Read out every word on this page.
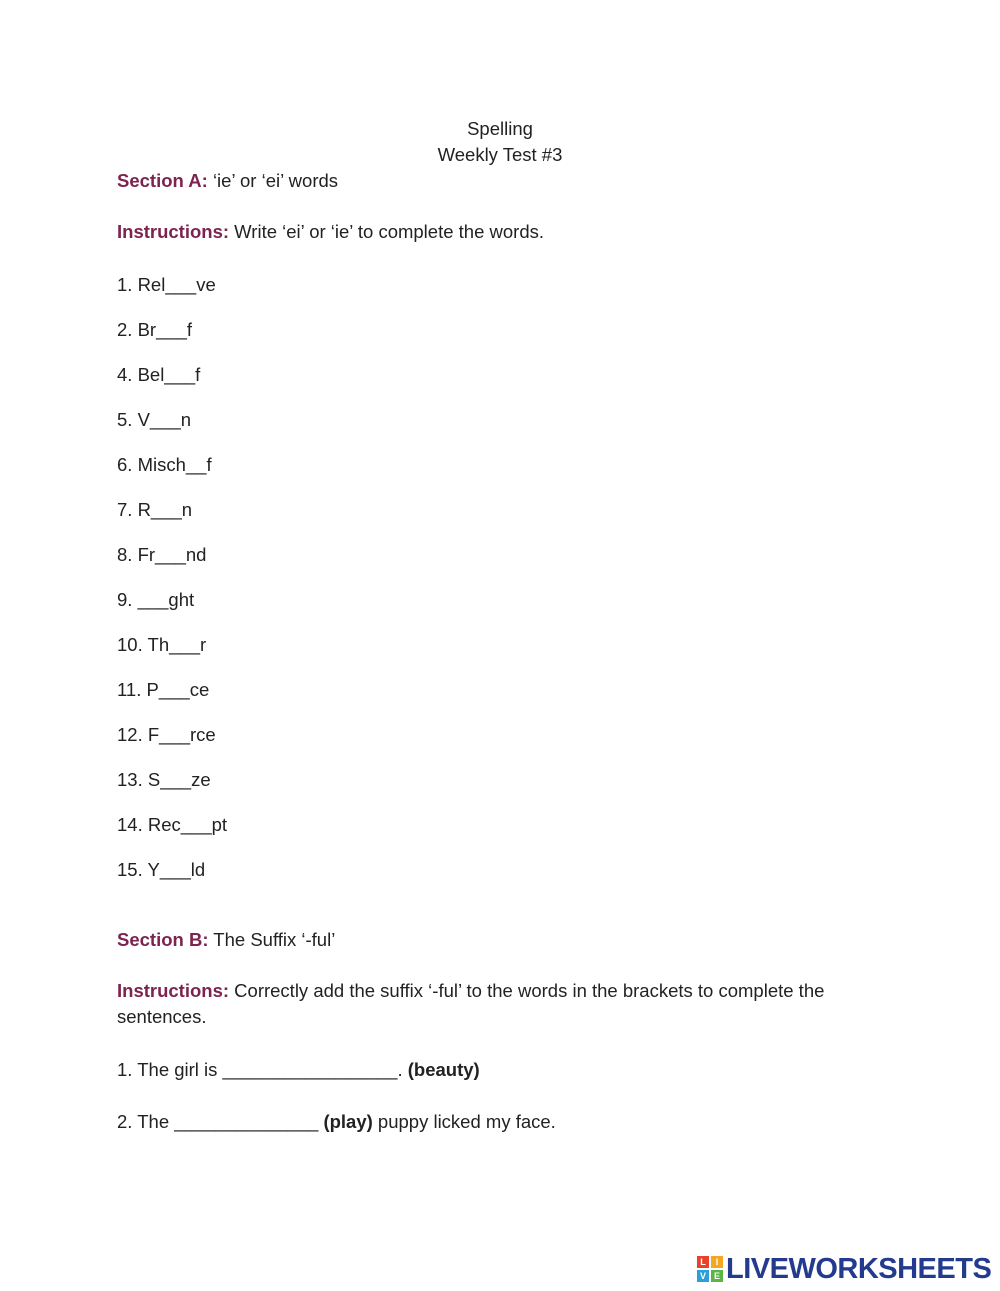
Spelling
Weekly Test #3
Section A: ‘ie’ or ‘ei’ words
Instructions: Write ‘ei’ or ‘ie’ to complete the words.
1. Rel___ve
2. Br___f
4. Bel___f
5. V___n
6. Misch__f
7. R___n
8. Fr___nd
9. ___ght
10. Th___r
11. P___ce
12. F___rce
13. S___ze
14. Rec___pt
15. Y___ld
Section B: The Suffix ‘-ful’
Instructions: Correctly add the suffix ‘-ful’ to the words in the brackets to complete the sentences.
1. The girl is _________________. (beauty)
2. The ______________ (play) puppy licked my face.
L	I
V E LIVEWORKSHEETS
